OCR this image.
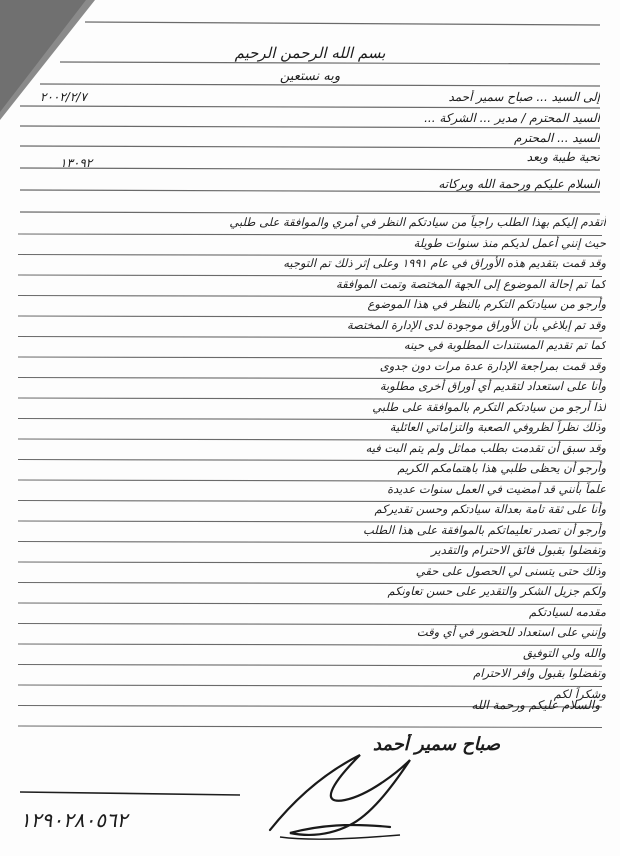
بسم الله الرحمن الرحيم
وبه نستعين
إلى السيد ... صباح سمير أحمد
٢٠٠٢/٢/٧
السيد المحترم / مدير ... الشركة ...
السيد ... المحترم
تحية طيبة وبعد
١٣٠٩٢
السلام عليكم ورحمة الله وبركاته
أتقدم إليكم بهذا الطلب راجياً من سيادتكم النظر في أمري والموافقة على طلبي
حيث إنني أعمل لديكم منذ سنوات طويلة
وقد قمت بتقديم هذه الأوراق في عام ١٩٩١ وعلى إثر ذلك تم التوجيه
كما تم إحالة الموضوع إلى الجهة المختصة وتمت الموافقة
وأرجو من سيادتكم التكرم بالنظر في هذا الموضوع
وقد تم إبلاغي بأن الأوراق موجودة لدى الإدارة المختصة
كما تم تقديم المستندات المطلوبة في حينه
وقد قمت بمراجعة الإدارة عدة مرات دون جدوى
وأنا على استعداد لتقديم أي أوراق أخرى مطلوبة
لذا أرجو من سيادتكم التكرم بالموافقة على طلبي
وذلك نظراً لظروفي الصعبة والتزاماتي العائلية
وقد سبق أن تقدمت بطلب مماثل ولم يتم البت فيه
وأرجو أن يحظى طلبي هذا باهتمامكم الكريم
علماً بأنني قد أمضيت في العمل سنوات عديدة
وأنا على ثقة تامة بعدالة سيادتكم وحسن تقديركم
وأرجو أن تصدر تعليماتكم بالموافقة على هذا الطلب
وتفضلوا بقبول فائق الاحترام والتقدير
وذلك حتى يتسنى لي الحصول على حقي
ولكم جزيل الشكر والتقدير على حسن تعاونكم
مقدمه لسيادتكم
وإنني على استعداد للحضور في أي وقت
والله ولي التوفيق
وتفضلوا بقبول وافر الاحترام
وشكراً لكم
والسلام عليكم ورحمة الله
صباح سمير أحمد
١٢٩٠٢٨٠٥٦٢
